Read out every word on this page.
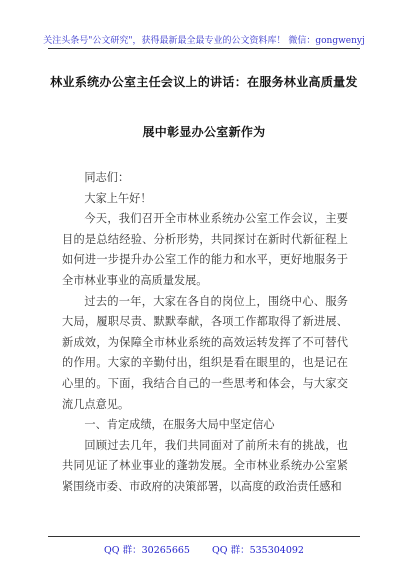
关注头条号"公文研究"，获得最新最全最专业的公文资料库！ 微信：gongwenyj
林业系统办公室主任会议上的讲话：在服务林业高质量发
展中彰显办公室新作为

同志们：

大家上午好！

今天，我们召开全市林业系统办公室工作会议，主要目的是总结经验、分析形势，共同探讨在新时代新征程上如何进一步提升办公室工作的能力和水平，更好地服务于全市林业事业的高质量发展。

过去的一年，大家在各自的岗位上，围绕中心、服务大局，履职尽责、默默奉献，各项工作都取得了新进展、新成效，为保障全市林业系统的高效运转发挥了不可替代的作用。大家的辛勤付出，组织是看在眼里的，也是记在心里的。下面，我结合自己的一些思考和体会，与大家交流几点意见。

一、肯定成绩，在服务大局中坚定信心

回顾过去几年，我们共同面对了前所未有的挑战，也共同见证了林业事业的蓬勃发展。全市林业系统办公室紧紧围绕市委、市政府的决策部署，以高度的政治责任感和

QQ 群：30265665 QQ 群：535304092
